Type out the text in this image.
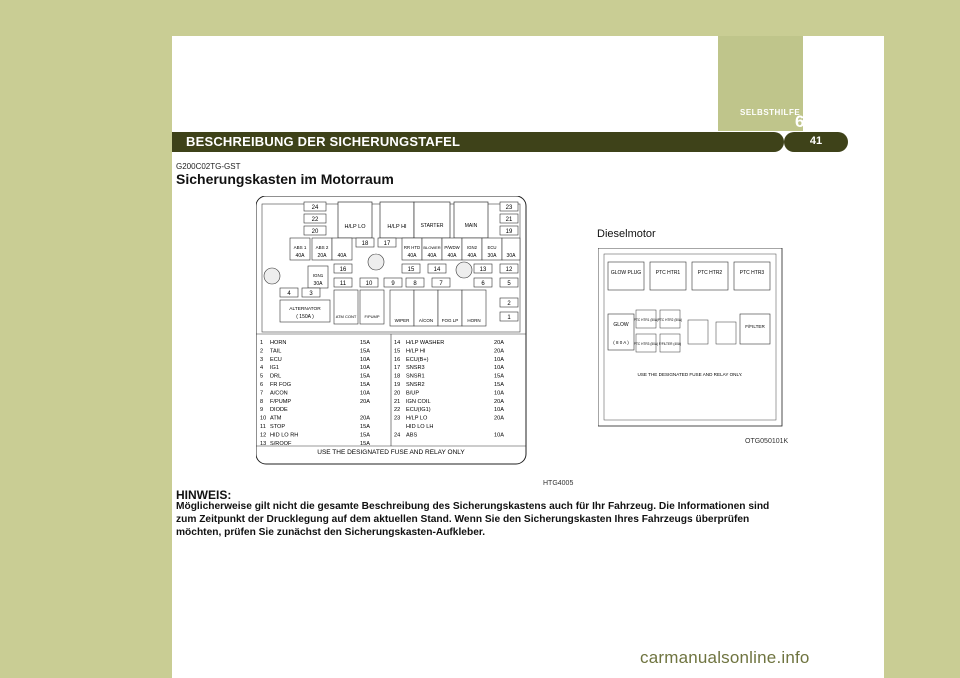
SELBSTHILFE
6
BESCHREIBUNG DER SICHERUNGSTAFEL	41
G200C02TG-GST
Sicherungskasten im Motorraum
H/LP LO	H/LP HI	STARTER	MAIN
24
22
20
23
21
19
ABS 1
40A
ABS 2
20A 40A
18	17
RR HTD
40A
BLOWER
40A
P/WDW
40A
IGN2
40A
ECU
30A 30A
IGN1
30A
16
11	10	9
15	14	13	12
8	7	6	5
4	3
ALTERNATOR
( 150A )	ATM CONT F/PUMP
WIPER A/CON FOG LP HORN
2
1
1 HORN	15A
2 TAIL	15A
3 ECU	10A
4 IG1	10A
5 DRL	15A
6 FR FOG	15A
7 A/CON	10A
8 F/PUMP	20A
9 DIODE
10 ATM	20A
11 STOP	15A
12 HID LO RH	15A
13 S/ROOF	15A
14 H/LP WASHER	20A
15 H/LP HI	20A
16 ECU(B+)	10A
17 SNSR3	10A
18 SNSR1	15A
19 SNSR2	15A
20 B/UP	10A
21 IGN COIL	20A
22 ECU(IG1)	10A
23 H/LP LO	20A
HID LO LH
24 ABS	10A
USE THE DESIGNATED FUSE AND RELAY ONLY
HTG4005
Dieselmotor
GLOW PLUG	PTC HTR1	PTC HTR2	PTC HTR3
GLOW
( 8 0 A )
PTC HTR1 (50A) PTC HTR2 (50A)
PTC HTR3 (50A) F/FILTER (40A)
F/FILTER
USE THE DESIGNATED FUSE AND RELAY ONLY.
OTG050101K
HINWEIS:
Möglicherweise gilt nicht die gesamte Beschreibung des Sicherungskastens auch für Ihr Fahrzeug. Die Informationen sind zum Zeitpunkt der Drucklegung auf dem aktuellen Stand. Wenn Sie den Sicherungskasten Ihres Fahrzeugs überprüfen möchten, prüfen Sie zunächst den Sicherungskasten-Aufkleber.
carmanualsonline.info
